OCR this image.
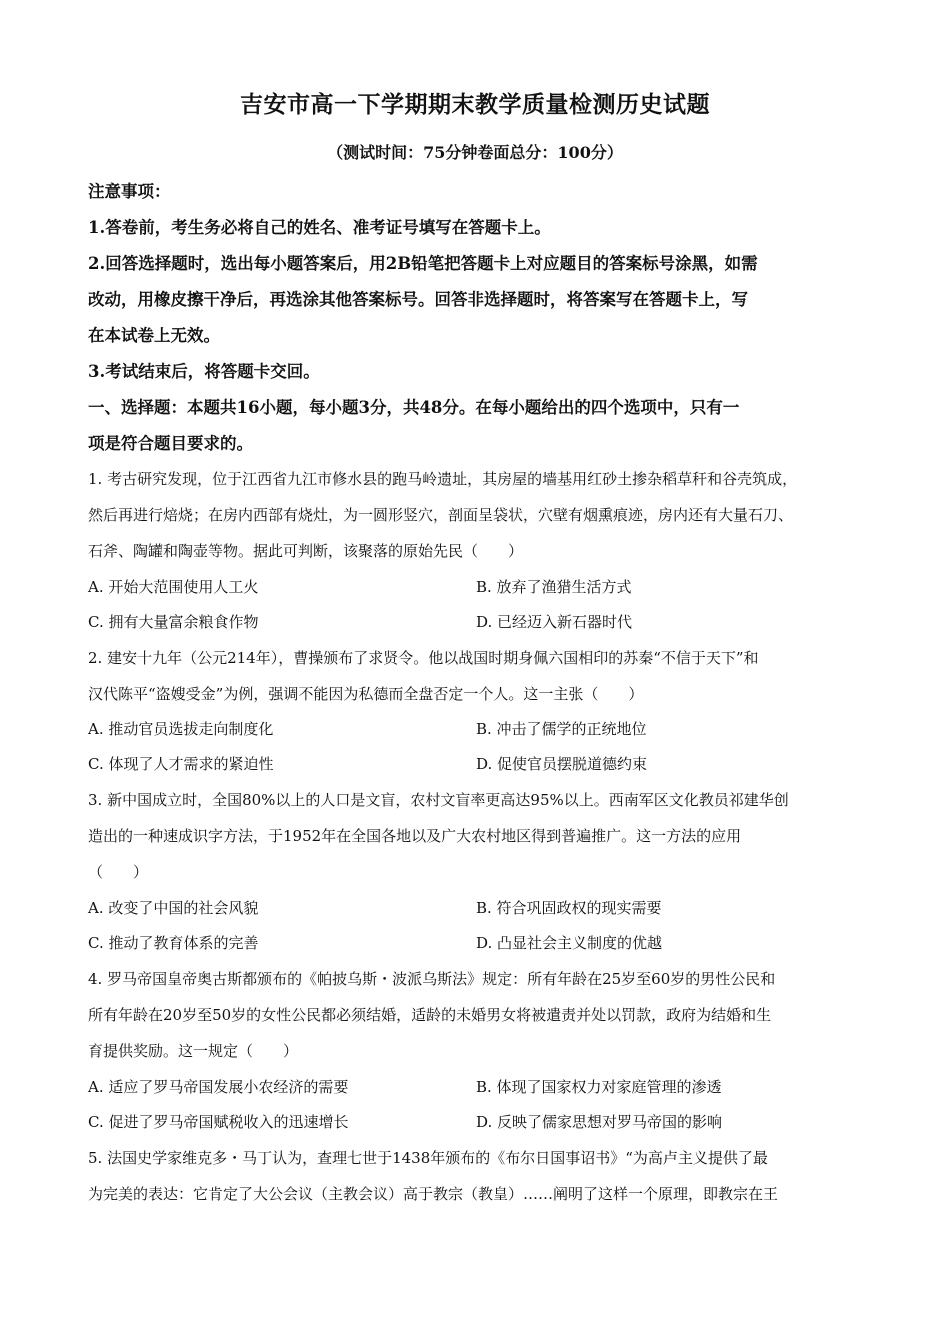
吉安市高一下学期期末教学质量检测历史试题
（测试时间：75分钟卷面总分：100分）
注意事项：
1.答卷前，考生务必将自己的姓名、准考证号填写在答题卡上。
2.回答选择题时，选出每小题答案后，用2B铅笔把答题卡上对应题目的答案标号涂黑，如需
改动，用橡皮擦干净后，再选涂其他答案标号。回答非选择题时，将答案写在答题卡上，写
在本试卷上无效。
3.考试结束后，将答题卡交回。
一、选择题：本题共16小题，每小题3分，共48分。在每小题给出的四个选项中，只有一
项是符合题目要求的。
1. 考古研究发现，位于江西省九江市修水县的跑马岭遗址，其房屋的墙基用红砂土掺杂稻草秆和谷壳筑成，
然后再进行焙烧；在房内西部有烧灶，为一圆形竖穴，剖面呈袋状，穴壁有烟熏痕迹，房内还有大量石刀、
石斧、陶罐和陶壶等物。据此可判断，该聚落的原始先民（　　）
A. 开始大范围使用人工火	B. 放弃了渔猎生活方式
C. 拥有大量富余粮食作物	D. 已经迈入新石器时代
2. 建安十九年（公元214年），曹操颁布了求贤令。他以战国时期身佩六国相印的苏秦“不信于天下”和
汉代陈平“盗嫂受金”为例，强调不能因为私德而全盘否定一个人。这一主张（　　）
A. 推动官员选拔走向制度化	B. 冲击了儒学的正统地位
C. 体现了人才需求的紧迫性	D. 促使官员摆脱道德约束
3. 新中国成立时，全国80%以上的人口是文盲，农村文盲率更高达95%以上。西南军区文化教员祁建华创
造出的一种速成识字方法，于1952年在全国各地以及广大农村地区得到普遍推广。这一方法的应用
（　　）
A. 改变了中国的社会风貌	B. 符合巩固政权的现实需要
C. 推动了教育体系的完善	D. 凸显社会主义制度的优越
4. 罗马帝国皇帝奥古斯都颁布的《帕披乌斯・波派乌斯法》规定：所有年龄在25岁至60岁的男性公民和
所有年龄在20岁至50岁的女性公民都必须结婚，适龄的未婚男女将被遣责并处以罚款，政府为结婚和生
育提供奖励。这一规定（　　）
A. 适应了罗马帝国发展小农经济的需要	B. 体现了国家权力对家庭管理的渗透
C. 促进了罗马帝国赋税收入的迅速增长	D. 反映了儒家思想对罗马帝国的影响
5. 法国史学家维克多・马丁认为，查理七世于1438年颁布的《布尔日国事诏书》“为高卢主义提供了最
为完美的表达：它肯定了大公会议（主教会议）高于教宗（教皇）……阐明了这样一个原理，即教宗在王
